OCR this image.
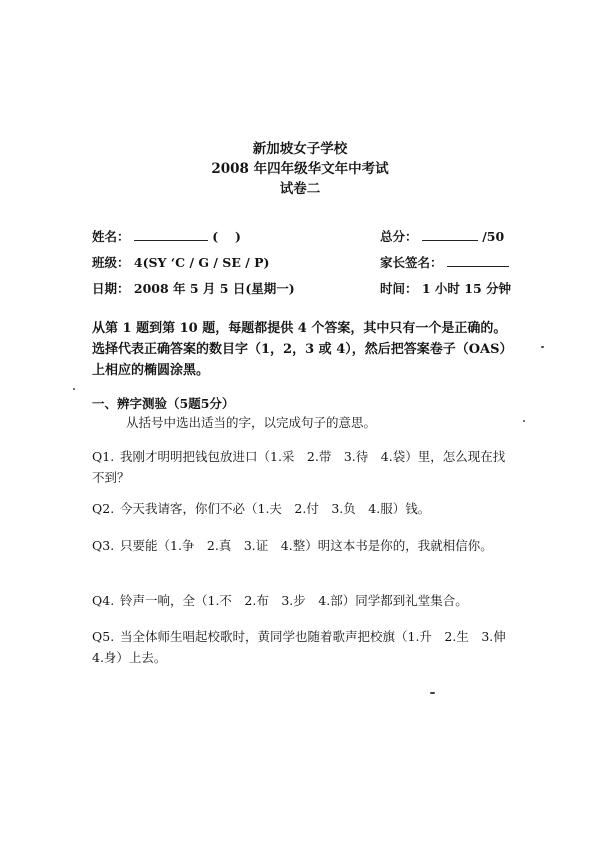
新加坡女子学校
2008 年四年级华文年中考试
试卷二
姓名：	(　 )	总分：	/50
班级： 4(SY ‘C / G / SE / P)	家长签名：
日期： 2008 年 5 月 5 日(星期一)	时间： 1 小时 15 分钟
从第 1 题到第 10 题，每题都提供 4 个答案，其中只有一个是正确的。选择代表正确答案的数目字（1，2，3 或 4），然后把答案卷子（OAS）上相应的椭圆涂黑。
一、辨字测验（5题5分）
从括号中选出适当的字，以完成句子的意思。
Q1. 我刚才明明把钱包放进口（1.采　2.带　3.待　4.袋）里，怎么现在找不到？
Q2. 今天我请客，你们不必（1.夫　2.付　3.负　4.服）钱。
Q3. 只要能（1.争　2.真　3.证　4.整）明这本书是你的，我就相信你。
Q4. 铃声一响，全（1.不　2.布　3.步　4.部）同学都到礼堂集合。
Q5. 当全体师生唱起校歌时，黄同学也随着歌声把校旗（1.升　2.生　3.伸　4.身）上去。
